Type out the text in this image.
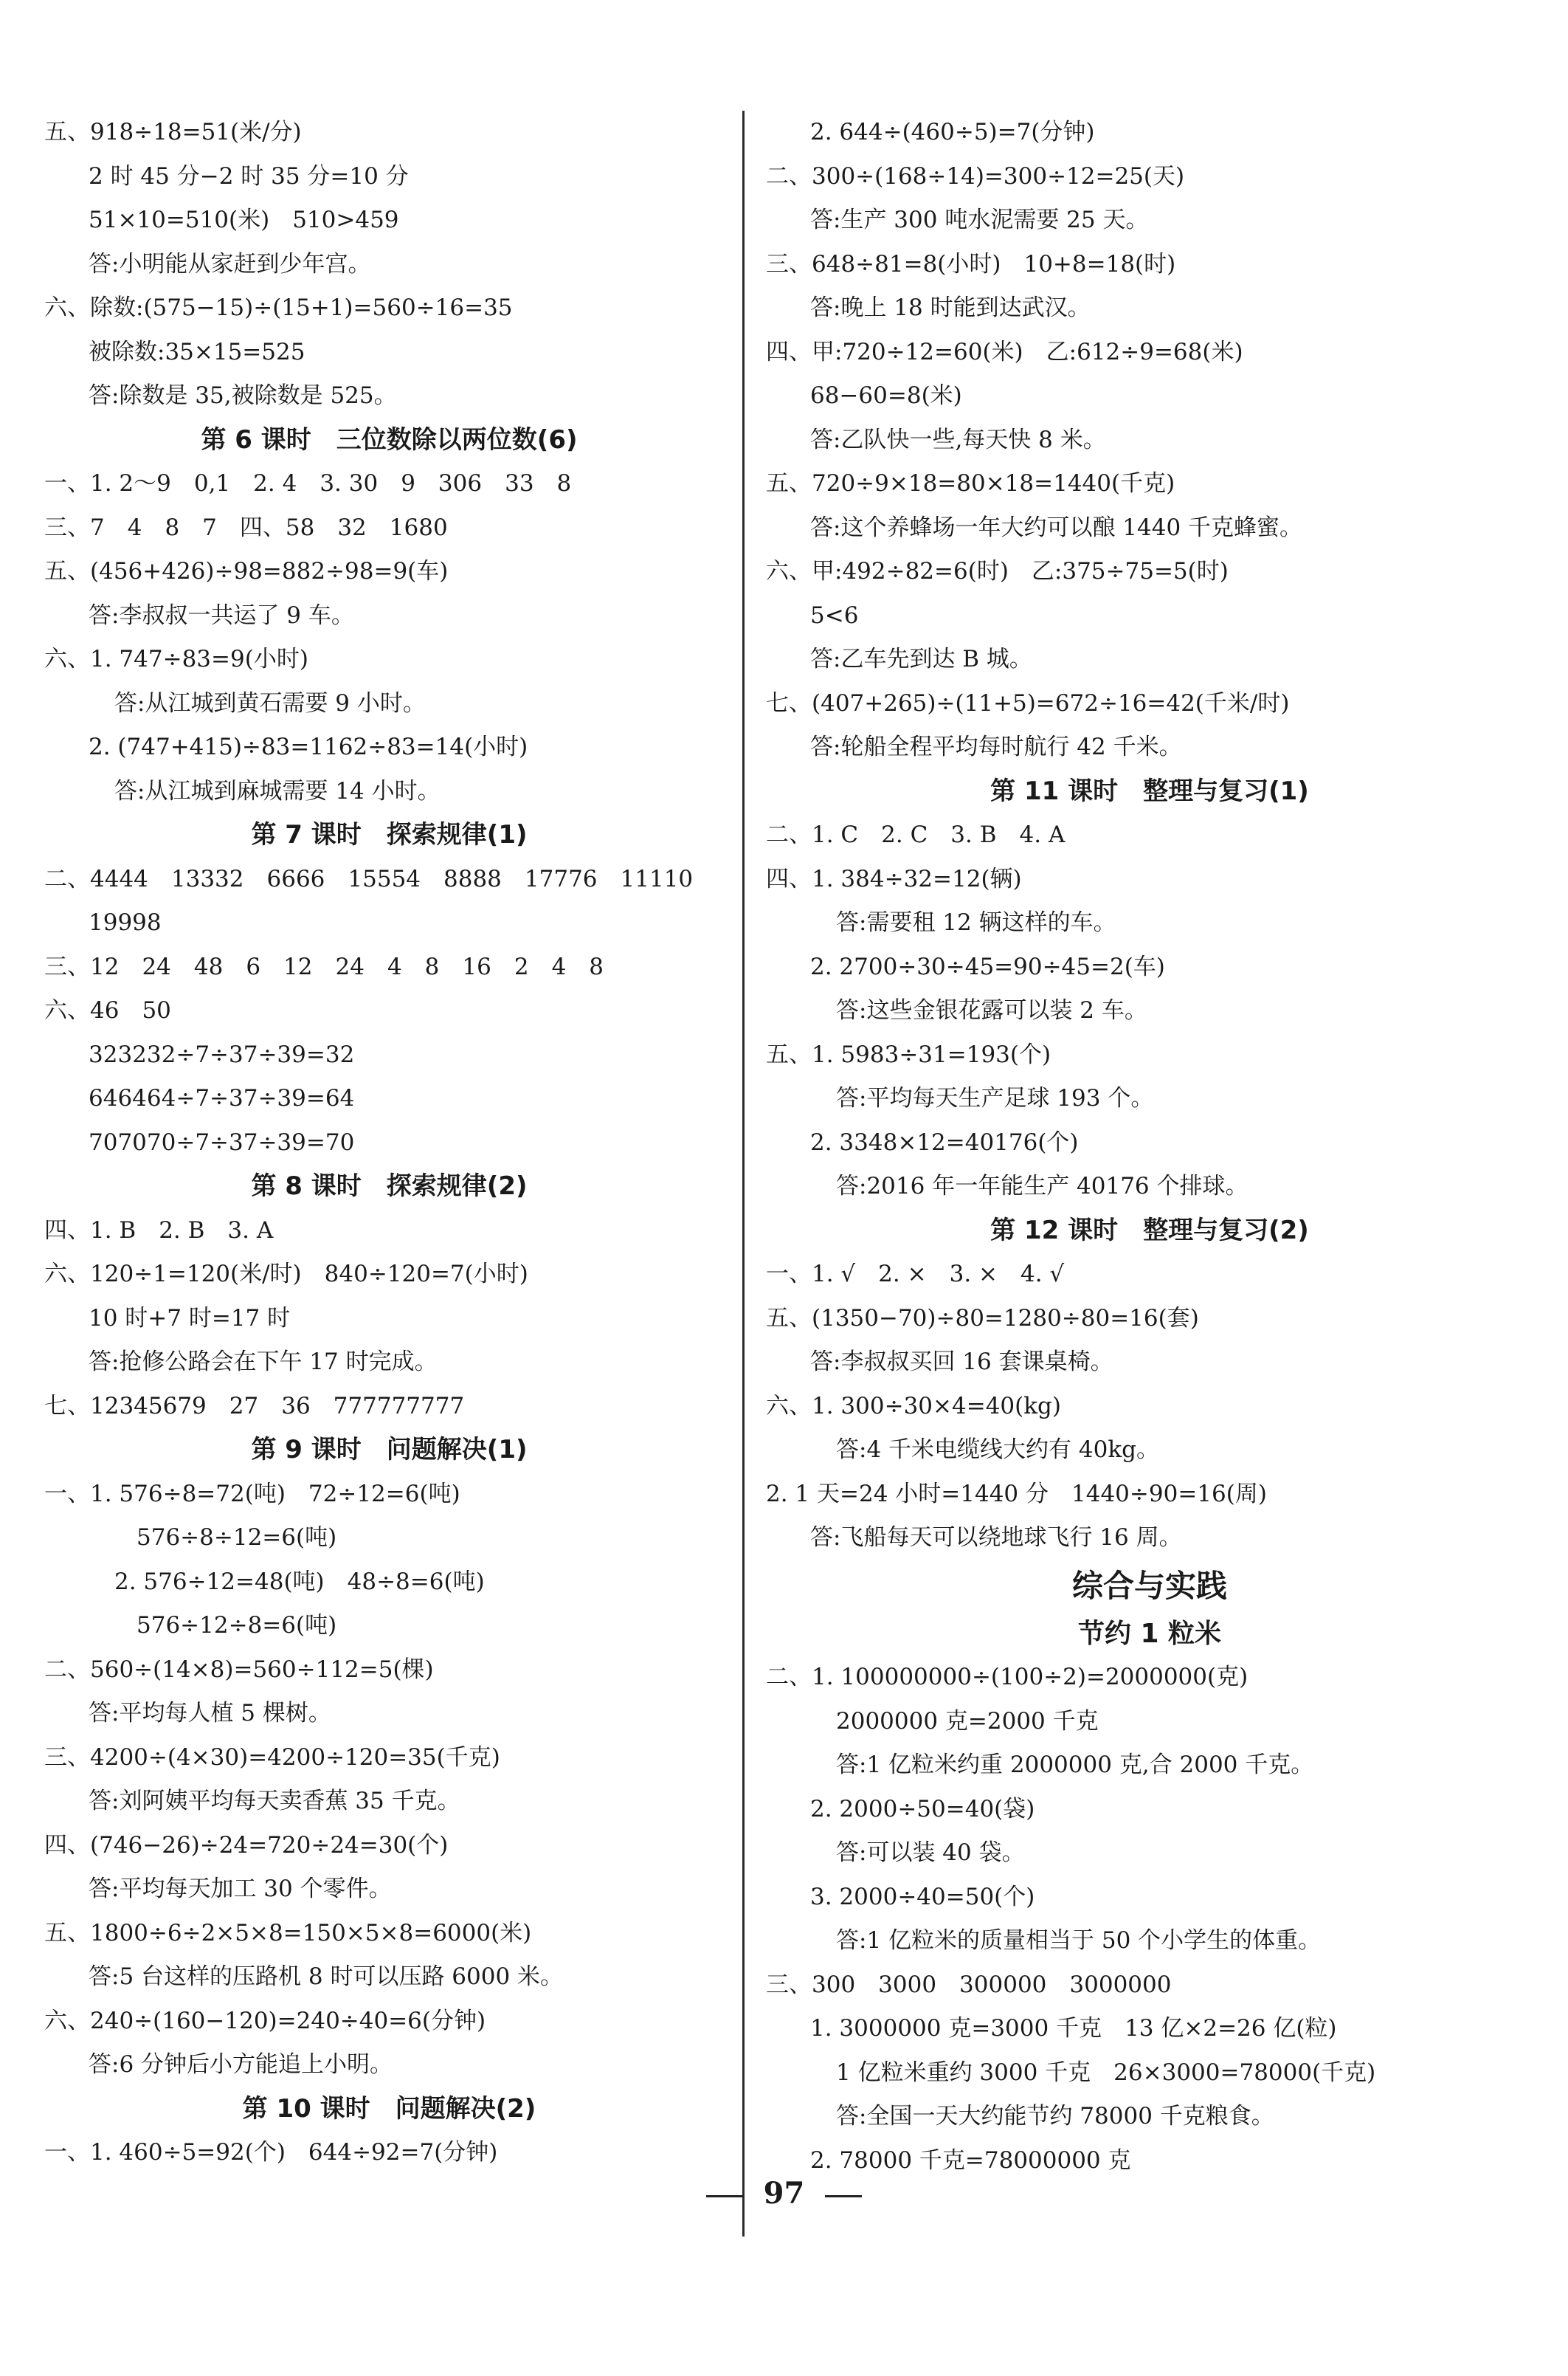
五、918÷18=51(米/分)
2 时 45 分−2 时 35 分=10 分
51×10=510(米)　510>459
答:小明能从家赶到少年宫。
六、除数:(575−15)÷(15+1)=560÷16=35
被除数:35×15=525
答:除数是 35,被除数是 525。
第 6 课时　三位数除以两位数(6)
一、1. 2～9　0,1　2. 4　3. 30　9　306　33　8
三、7　4　8　7　四、58　32　1680
五、(456+426)÷98=882÷98=9(车)
答:李叔叔一共运了 9 车。
六、1. 747÷83=9(小时)
答:从江城到黄石需要 9 小时。
2. (747+415)÷83=1162÷83=14(小时)
答:从江城到麻城需要 14 小时。
第 7 课时　探索规律(1)
二、4444　13332　6666　15554　8888　17776　11110
19998
三、12　24　48　6　12　24　4　8　16　2　4　8
六、46　50
323232÷7÷37÷39=32
646464÷7÷37÷39=64
707070÷7÷37÷39=70
第 8 课时　探索规律(2)
四、1. B　2. B　3. A
六、120÷1=120(米/时)　840÷120=7(小时)
10 时+7 时=17 时
答:抢修公路会在下午 17 时完成。
七、12345679　27　36　777777777
第 9 课时　问题解决(1)
一、1. 576÷8=72(吨)　72÷12=6(吨)
576÷8÷12=6(吨)
2. 576÷12=48(吨)　48÷8=6(吨)
576÷12÷8=6(吨)
二、560÷(14×8)=560÷112=5(棵)
答:平均每人植 5 棵树。
三、4200÷(4×30)=4200÷120=35(千克)
答:刘阿姨平均每天卖香蕉 35 千克。
四、(746−26)÷24=720÷24=30(个)
答:平均每天加工 30 个零件。
五、1800÷6÷2×5×8=150×5×8=6000(米)
答:5 台这样的压路机 8 时可以压路 6000 米。
六、240÷(160−120)=240÷40=6(分钟)
答:6 分钟后小方能追上小明。
第 10 课时　问题解决(2)
一、1. 460÷5=92(个)　644÷92=7(分钟)
2. 644÷(460÷5)=7(分钟)
二、300÷(168÷14)=300÷12=25(天)
答:生产 300 吨水泥需要 25 天。
三、648÷81=8(小时)　10+8=18(时)
答:晚上 18 时能到达武汉。
四、甲:720÷12=60(米)　乙:612÷9=68(米)
68−60=8(米)
答:乙队快一些,每天快 8 米。
五、720÷9×18=80×18=1440(千克)
答:这个养蜂场一年大约可以酿 1440 千克蜂蜜。
六、甲:492÷82=6(时)　乙:375÷75=5(时)
5<6
答:乙车先到达 B 城。
七、(407+265)÷(11+5)=672÷16=42(千米/时)
答:轮船全程平均每时航行 42 千米。
第 11 课时　整理与复习(1)
二、1. C　2. C　3. B　4. A
四、1. 384÷32=12(辆)
答:需要租 12 辆这样的车。
2. 2700÷30÷45=90÷45=2(车)
答:这些金银花露可以装 2 车。
五、1. 5983÷31=193(个)
答:平均每天生产足球 193 个。
2. 3348×12=40176(个)
答:2016 年一年能生产 40176 个排球。
第 12 课时　整理与复习(2)
一、1. √　2. ×　3. ×　4. √
五、(1350−70)÷80=1280÷80=16(套)
答:李叔叔买回 16 套课桌椅。
六、1. 300÷30×4=40(kg)
答:4 千米电缆线大约有 40kg。
2. 1 天=24 小时=1440 分　1440÷90=16(周)
答:飞船每天可以绕地球飞行 16 周。
综合与实践
节约 1 粒米
二、1. 100000000÷(100÷2)=2000000(克)
2000000 克=2000 千克
答:1 亿粒米约重 2000000 克,合 2000 千克。
2. 2000÷50=40(袋)
答:可以装 40 袋。
3. 2000÷40=50(个)
答:1 亿粒米的质量相当于 50 个小学生的体重。
三、300　3000　300000　3000000
1. 3000000 克=3000 千克　13 亿×2=26 亿(粒)
1 亿粒米重约 3000 千克　26×3000=78000(千克)
答:全国一天大约能节约 78000 千克粮食。
2. 78000 千克=78000000 克
97
